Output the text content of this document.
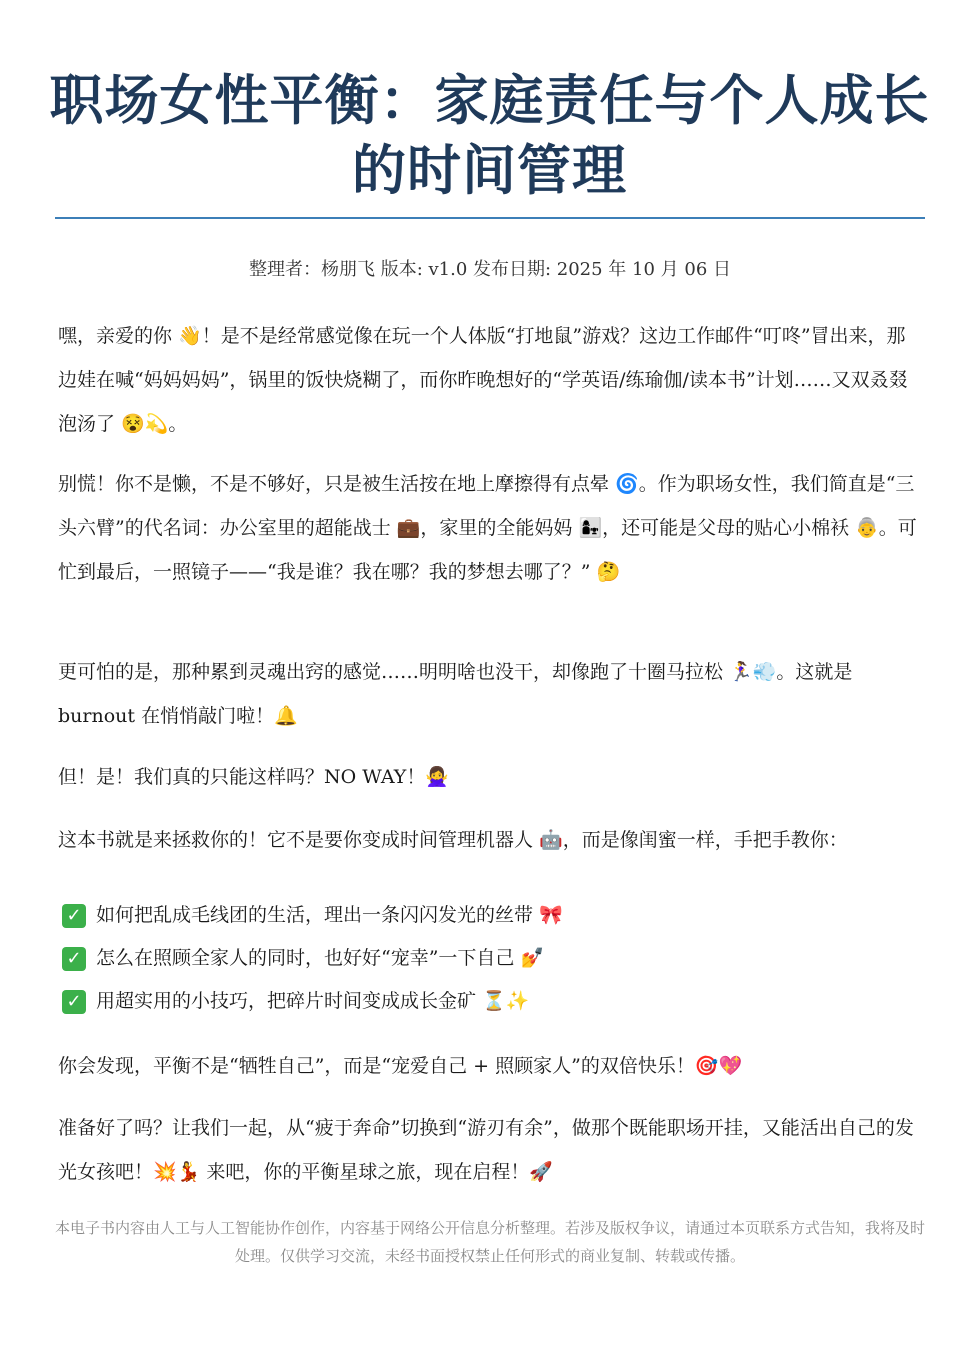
职场女性平衡：家庭责任与个人成长的时间管理
整理者：杨朋飞 版本: v1.0 发布日期: 2025 年 10 月 06 日

嘿，亲爱的你 👋！是不是经常感觉像在玩一个人体版“打地鼠”游戏？这边工作邮件“叮咚”冒出来，那边娃在喊“妈妈妈妈”，锅里的饭快烧糊了，而你昨晚想好的“学英语/练瑜伽/读本书”计划……又双叒叕泡汤了 😵💫。

别慌！你不是懒，不是不够好，只是被生活按在地上摩擦得有点晕 🌀。作为职场女性，我们简直是“三头六臂”的代名词：办公室里的超能战士 💼，家里的全能妈妈 👩‍👧，还可能是父母的贴心小棉袄 👵。可忙到最后，一照镜子——“我是谁？我在哪？我的梦想去哪了？” 🤔

更可怕的是，那种累到灵魂出窍的感觉……明明啥也没干，却像跑了十圈马拉松 🏃‍♀️💨。这就是 burnout 在悄悄敲门啦！🔔

但！是！我们真的只能这样吗？NO WAY！🙅‍♀️

这本书就是来拯救你的！它不是要你变成时间管理机器人 🤖，而是像闺蜜一样，手把手教你：

✓ 如何把乱成毛线团的生活，理出一条闪闪发光的丝带 🎀
✓ 怎么在照顾全家人的同时，也好好“宠幸”一下自己 💅
✓ 用超实用的小技巧，把碎片时间变成成长金矿 ⏳✨

你会发现，平衡不是“牺牲自己”，而是“宠爱自己 + 照顾家人”的双倍快乐！🎯💖

准备好了吗？让我们一起，从“疲于奔命”切换到“游刃有余”，做那个既能职场开挂，又能活出自己的发光女孩吧！💥💃 来吧，你的平衡星球之旅，现在启程！🚀

本电子书内容由人工与人工智能协作创作，内容基于网络公开信息分析整理。若涉及版权争议，请通过本页联系方式告知，我将及时处理。仅供学习交流，未经书面授权禁止任何形式的商业复制、转载或传播。
